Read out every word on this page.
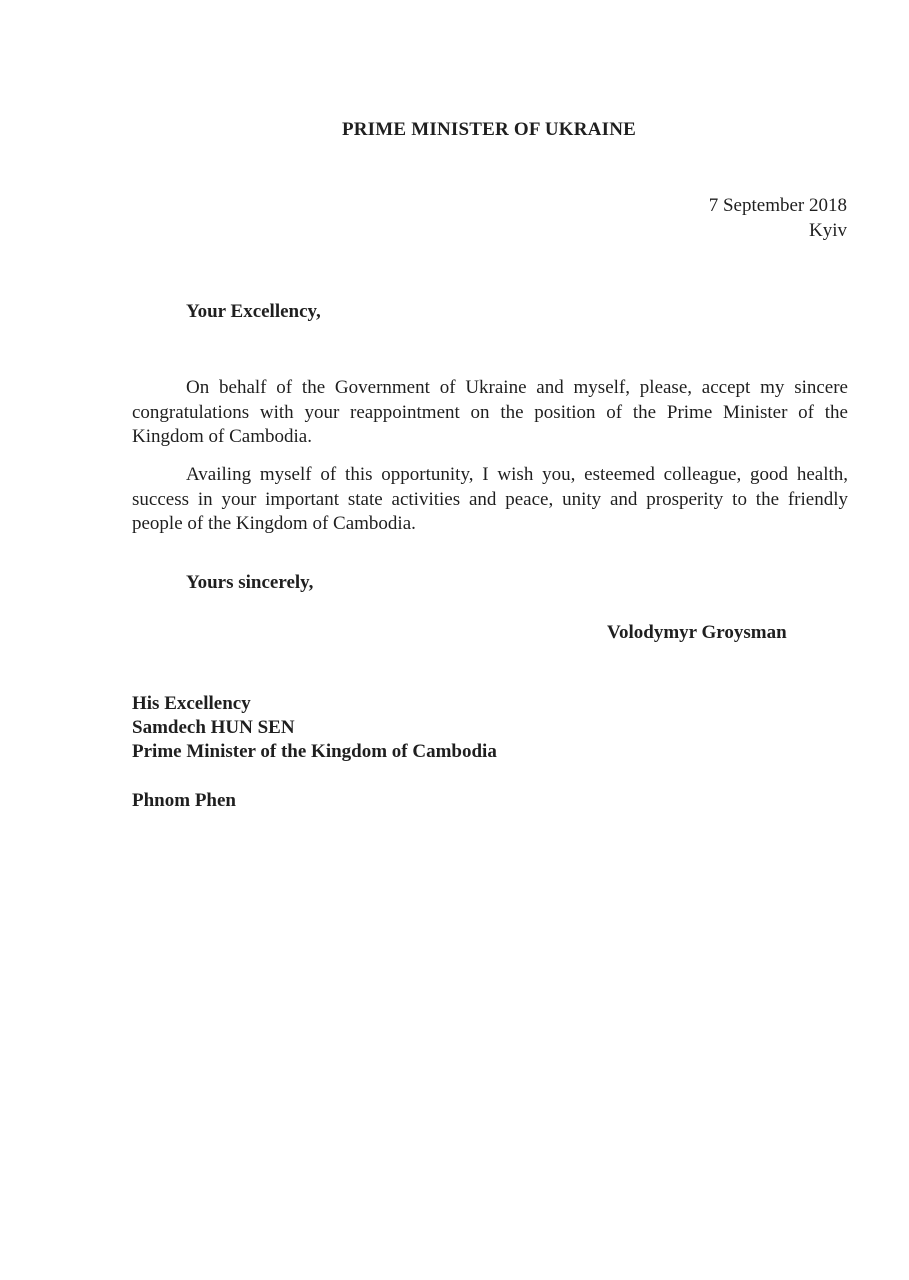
PRIME MINISTER OF UKRAINE
7 September 2018
Kyiv
Your Excellency,

On behalf of the Government of Ukraine and myself, please, accept my sincere congratulations with your reappointment on the position of the Prime Minister of the Kingdom of Cambodia.

Availing myself of this opportunity, I wish you, esteemed colleague, good health, success in your important state activities and peace, unity and prosperity to the friendly people of the Kingdom of Cambodia.

Yours sincerely,
Volodymyr Groysman
His Excellency
Samdech HUN SEN
Prime Minister of the Kingdom of Cambodia
Phnom Phen
